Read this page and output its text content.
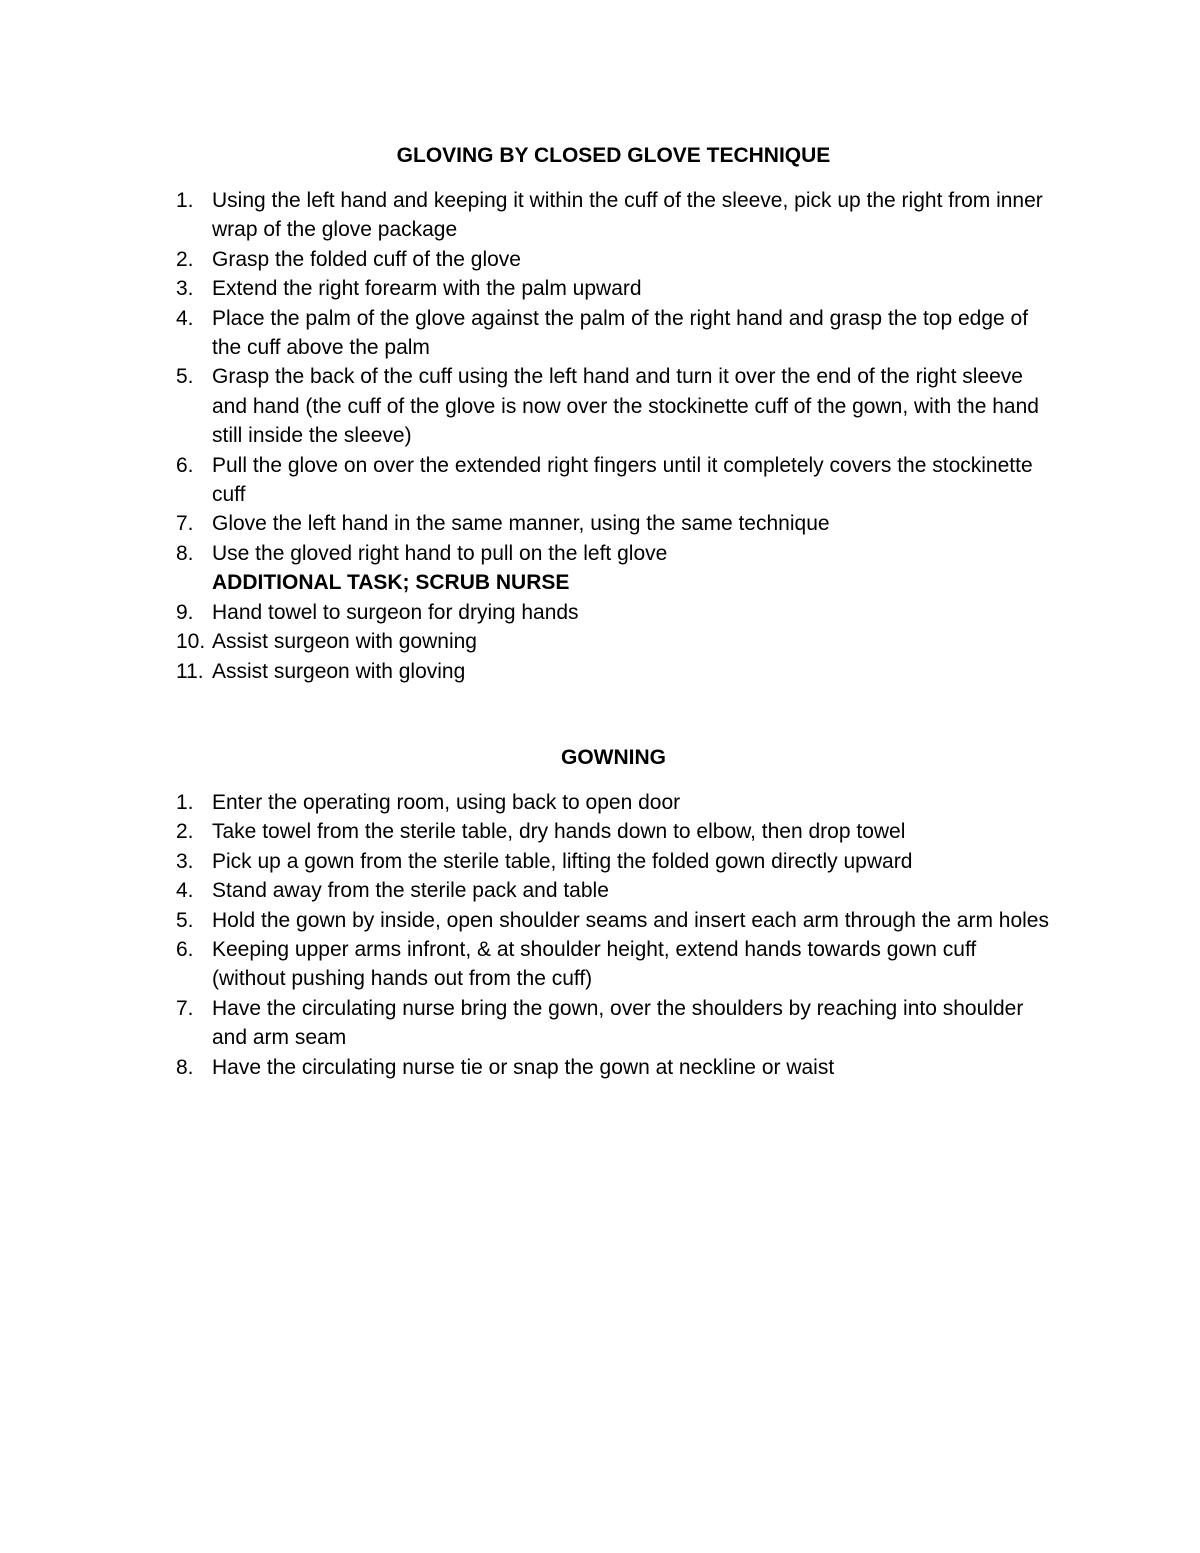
GLOVING BY CLOSED GLOVE TECHNIQUE
1. Using the left hand and keeping it within the cuff of the sleeve, pick up the right from inner wrap of the glove package
2. Grasp the folded cuff of the glove
3. Extend the right forearm with the palm upward
4. Place the palm of the glove against the palm of the right hand and grasp the top edge of the cuff above the palm
5. Grasp the back of the cuff using the left hand and turn it over the end of the right sleeve and hand (the cuff of the glove is now over the stockinette cuff of the gown, with the hand still inside the sleeve)
6. Pull the glove on over the extended right fingers until it completely covers the stockinette cuff
7. Glove the left hand in the same manner, using the same technique
8. Use the gloved right hand to pull on the left glove
ADDITIONAL TASK; SCRUB NURSE
9. Hand towel to surgeon for drying hands
10. Assist surgeon with gowning
11. Assist surgeon with gloving
GOWNING
1. Enter the operating room, using back to open door
2. Take towel from the sterile table, dry hands down to elbow, then drop towel
3. Pick up a gown from the sterile table, lifting the folded gown directly upward
4. Stand away from the sterile pack and table
5. Hold the gown by inside, open shoulder seams and insert each arm through the arm holes
6. Keeping upper arms infront, & at shoulder height, extend hands towards gown cuff (without pushing hands out from the cuff)
7. Have the circulating nurse bring the gown, over the shoulders by reaching into shoulder and arm seam
8. Have the circulating nurse tie or snap the gown at neckline or waist
